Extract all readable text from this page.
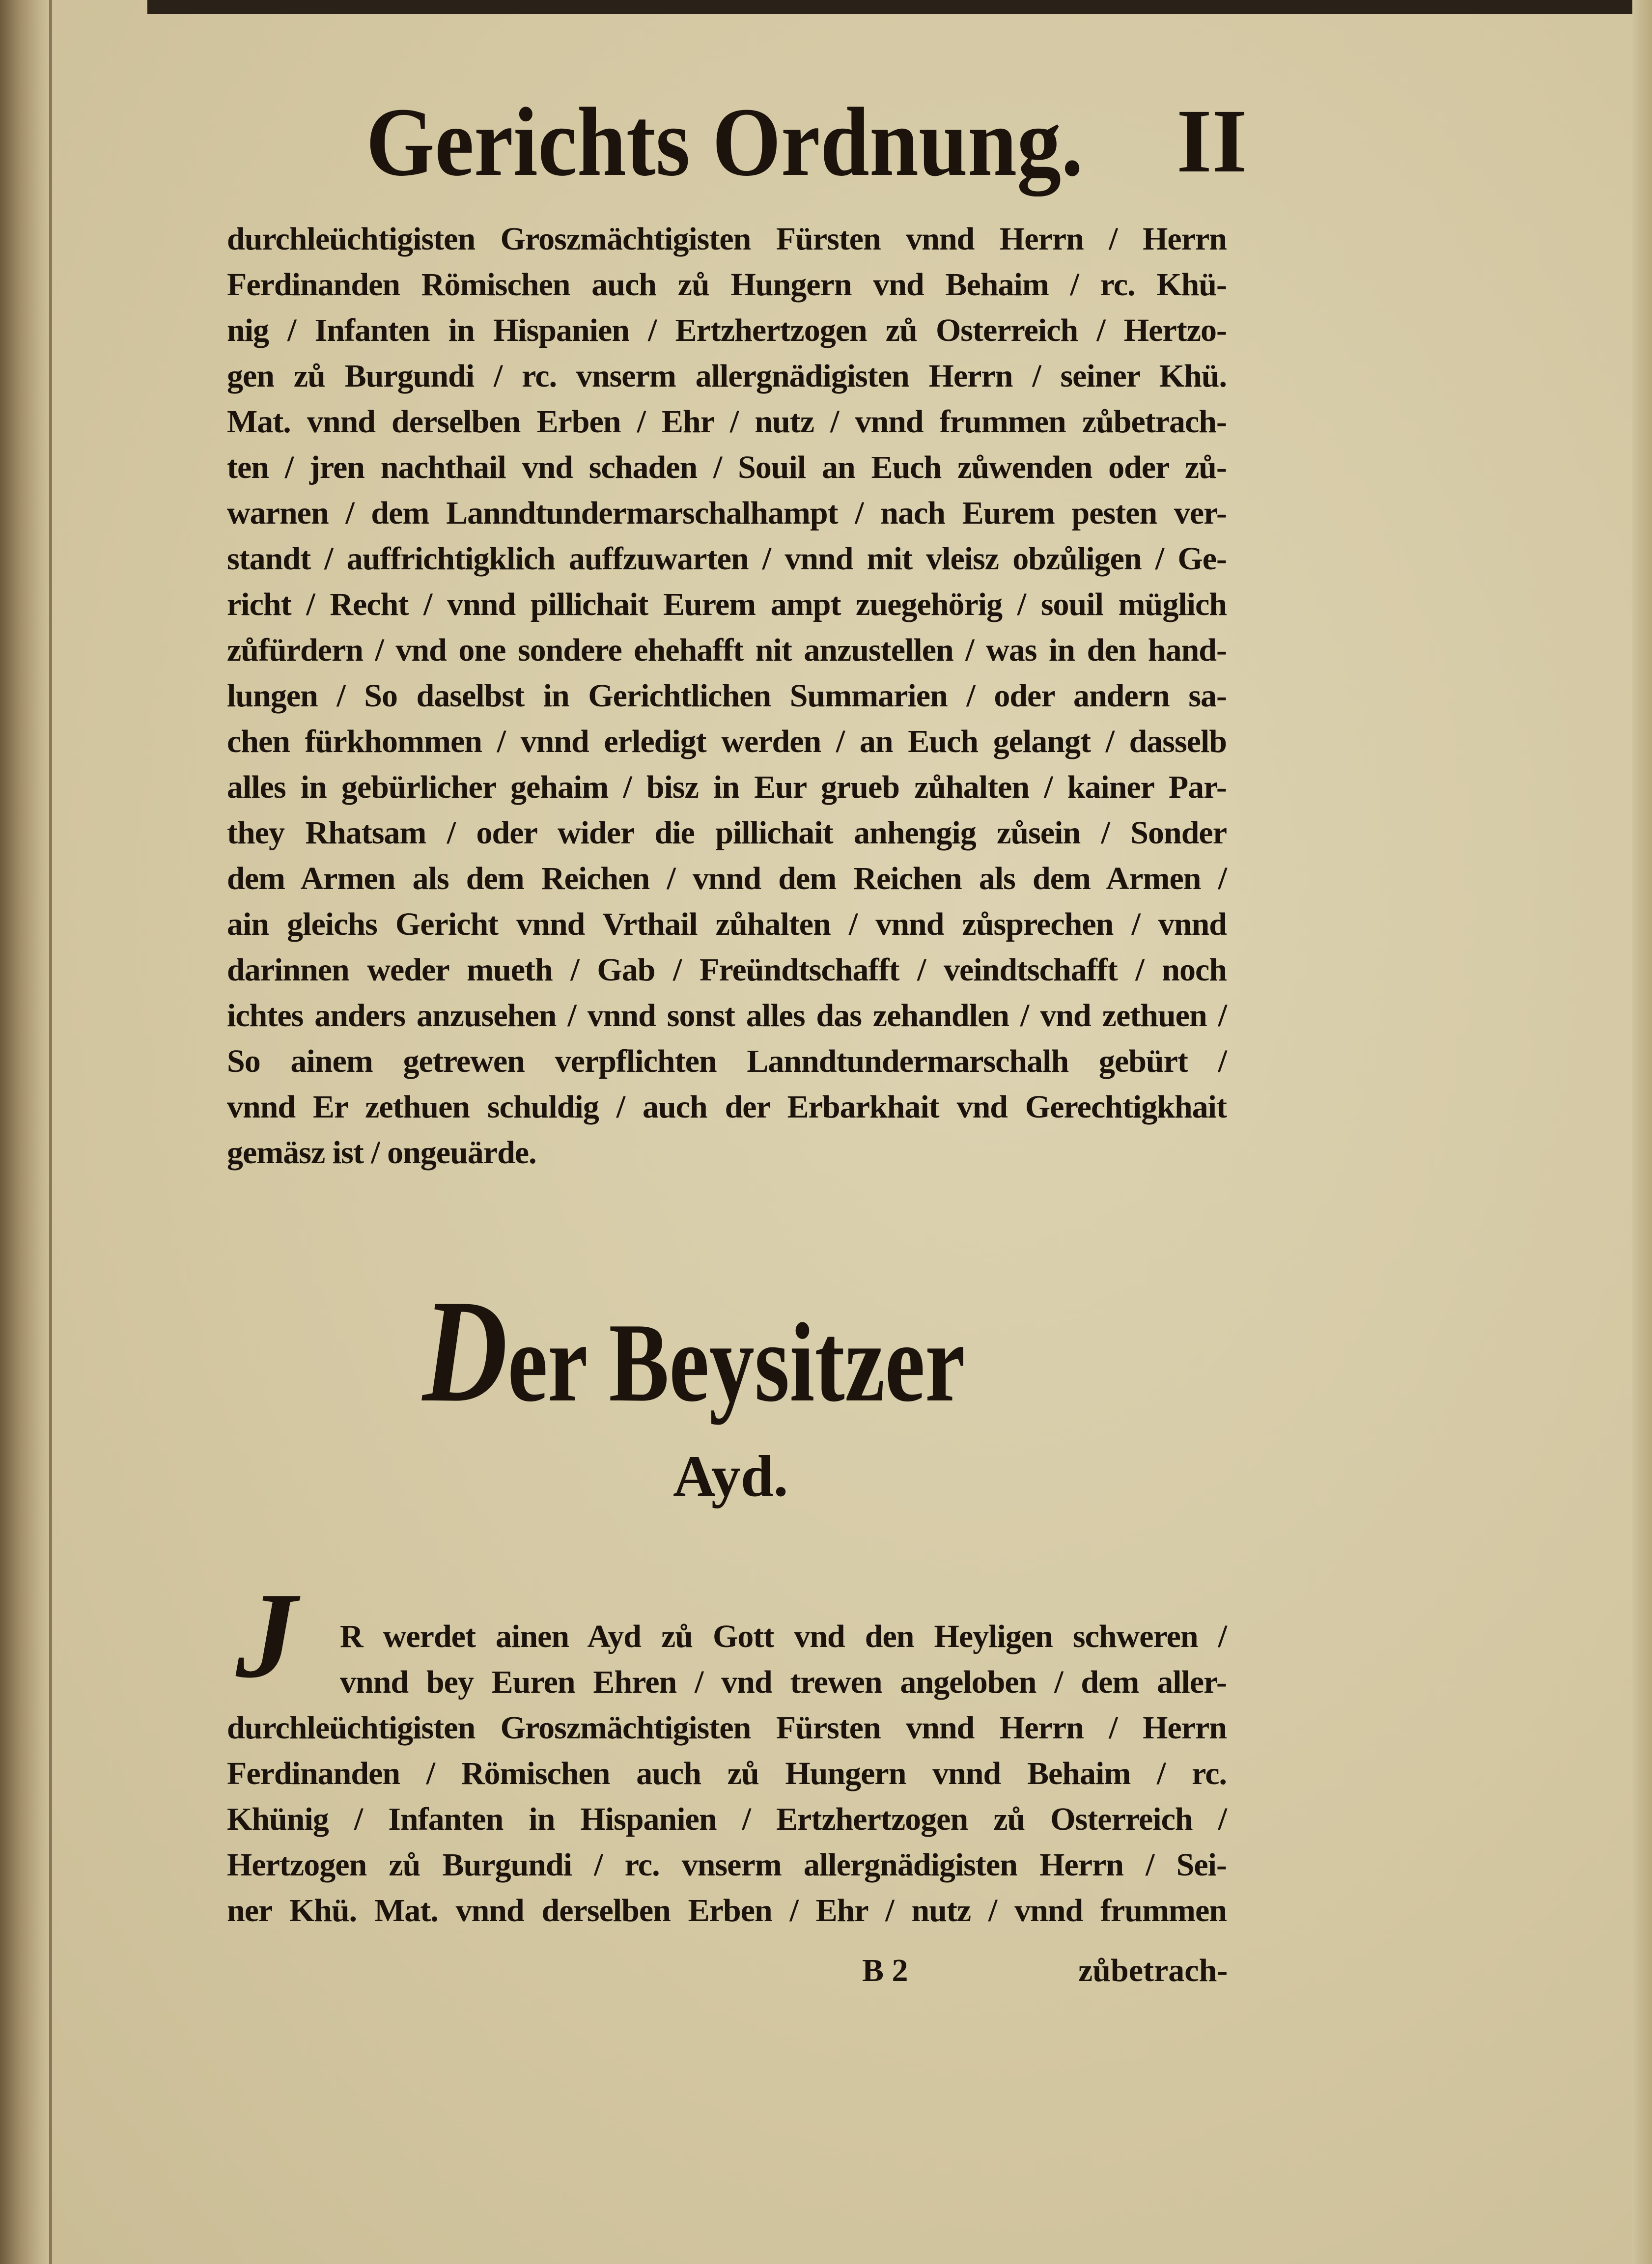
Gerichts Ordnung. II
durchleüchtigisten Groszmächtigisten Fürsten vnnd Herrn / Herrn
Ferdinanden Römischen auch zů Hungern vnd Behaim / rc. Khü-
nig / Infanten in Hispanien / Ertzhertzogen zů Osterreich / Hertzo-
gen zů Burgundi / rc. vnserm allergnädigisten Herrn / seiner Khü.
Mat. vnnd derselben Erben / Ehr / nutz / vnnd frummen zůbetrach-
ten / jren nachthail vnd schaden / Souil an Euch zůwenden oder zů-
warnen / dem Lanndtundermarschalhampt / nach Eurem pesten ver-
standt / auffrichtigklich auffzuwarten / vnnd mit vleisz obzůligen / Ge-
richt / Recht / vnnd pillichait Eurem ampt zuegehörig / souil müglich
zůfürdern / vnd one sondere ehehafft nit anzustellen / was in den hand-
lungen / So daselbst in Gerichtlichen Summarien / oder andern sa-
chen fürkhommen / vnnd erledigt werden / an Euch gelangt / dasselb
alles in gebürlicher gehaim / bisz in Eur grueb zůhalten / kainer Par-
they Rhatsam / oder wider die pillichait anhengig zůsein / Sonder
dem Armen als dem Reichen / vnnd dem Reichen als dem Armen /
ain gleichs Gericht vnnd Vrthail zůhalten / vnnd zůsprechen / vnnd
darinnen weder mueth / Gab / Freündtschafft / veindtschafft / noch
ichtes anders anzusehen / vnnd sonst alles das zehandlen / vnd zethuen /
So ainem getrewen verpflichten Lanndtundermarschalh gebürt /
vnnd Er zethuen schuldig / auch der Erbarkhait vnd Gerechtigkhait
gemäsz ist / ongeuärde.
Der Beysitzer
Ayd.
J	R werdet ainen Ayd zů Gott vnd den Heyligen schweren /
vnnd bey Euren Ehren / vnd trewen angeloben / dem aller-
durchleüchtigisten Groszmächtigisten Fürsten vnnd Herrn / Herrn
Ferdinanden / Römischen auch zů Hungern vnnd Behaim / rc.
Khünig / Infanten in Hispanien / Ertzhertzogen zů Osterreich /
Hertzogen zů Burgundi / rc. vnserm allergnädigisten Herrn / Sei-
ner Khü. Mat. vnnd derselben Erben / Ehr / nutz / vnnd frummen
B 2	zůbetrach-
